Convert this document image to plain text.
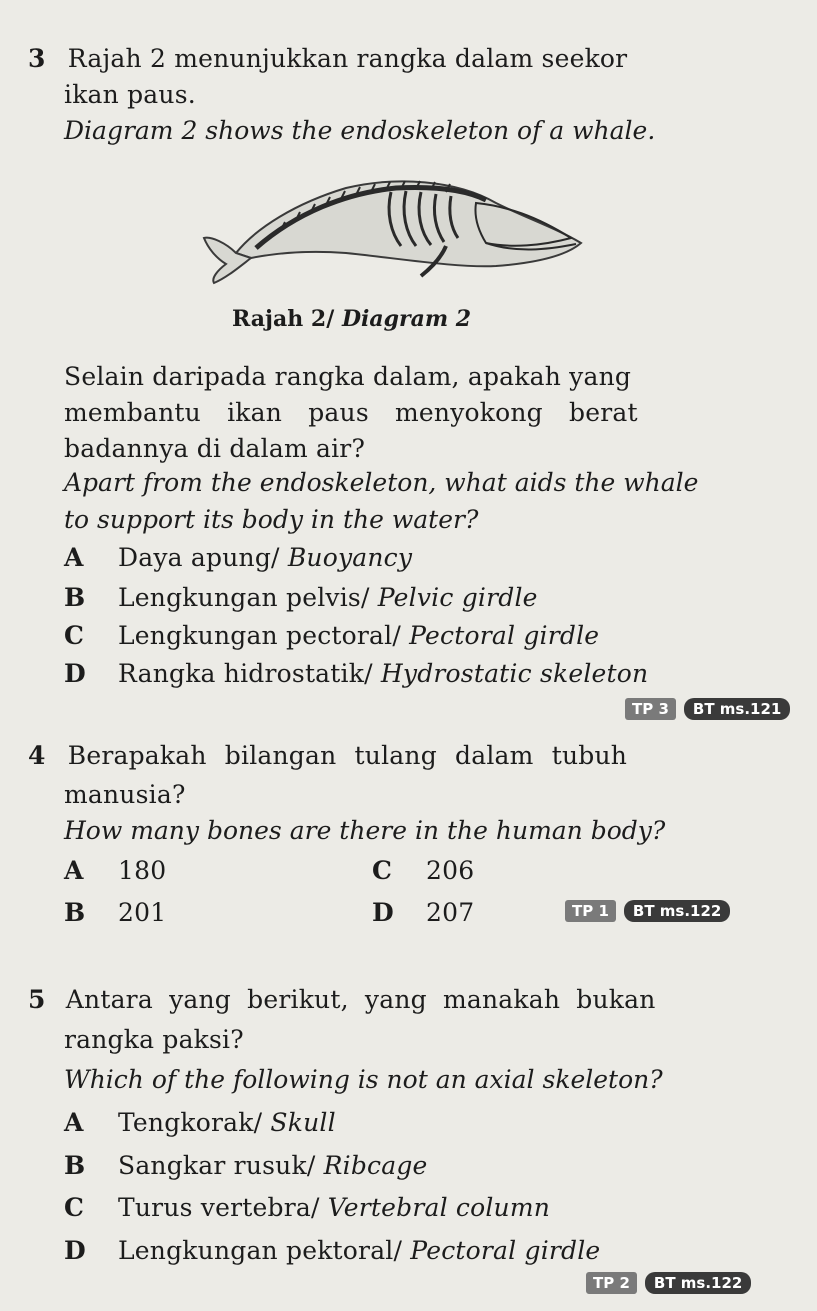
3 Rajah 2 menunjukkan rangka dalam seekor
ikan paus.
Diagram 2 shows the endoskeleton of a whale.
Rajah 2/ Diagram 2
Selain daripada rangka dalam, apakah yang
membantu ikan paus menyokong berat
badannya di dalam air?
Apart from the endoskeleton, what aids the whale
to support its body in the water?
A Daya apung/ Buoyancy
B Lengkungan pelvis/ Pelvic girdle
C Lengkungan pectoral/ Pectoral girdle
D Rangka hidrostatik/ Hydrostatic skeleton
TP 3	BT ms.121
4 Berapakah bilangan tulang dalam tubuh
manusia?
How many bones are there in the human body?
A 180
B 201
C 206
D 207	TP 1	BT ms.122
5 Antara yang berikut, yang manakah bukan
rangka paksi?
Which of the following is not an axial skeleton?
A Tengkorak/ Skull
B Sangkar rusuk/ Ribcage
C Turus vertebra/ Vertebral column
D Lengkungan pektoral/ Pectoral girdle
TP 2	BT ms.122
